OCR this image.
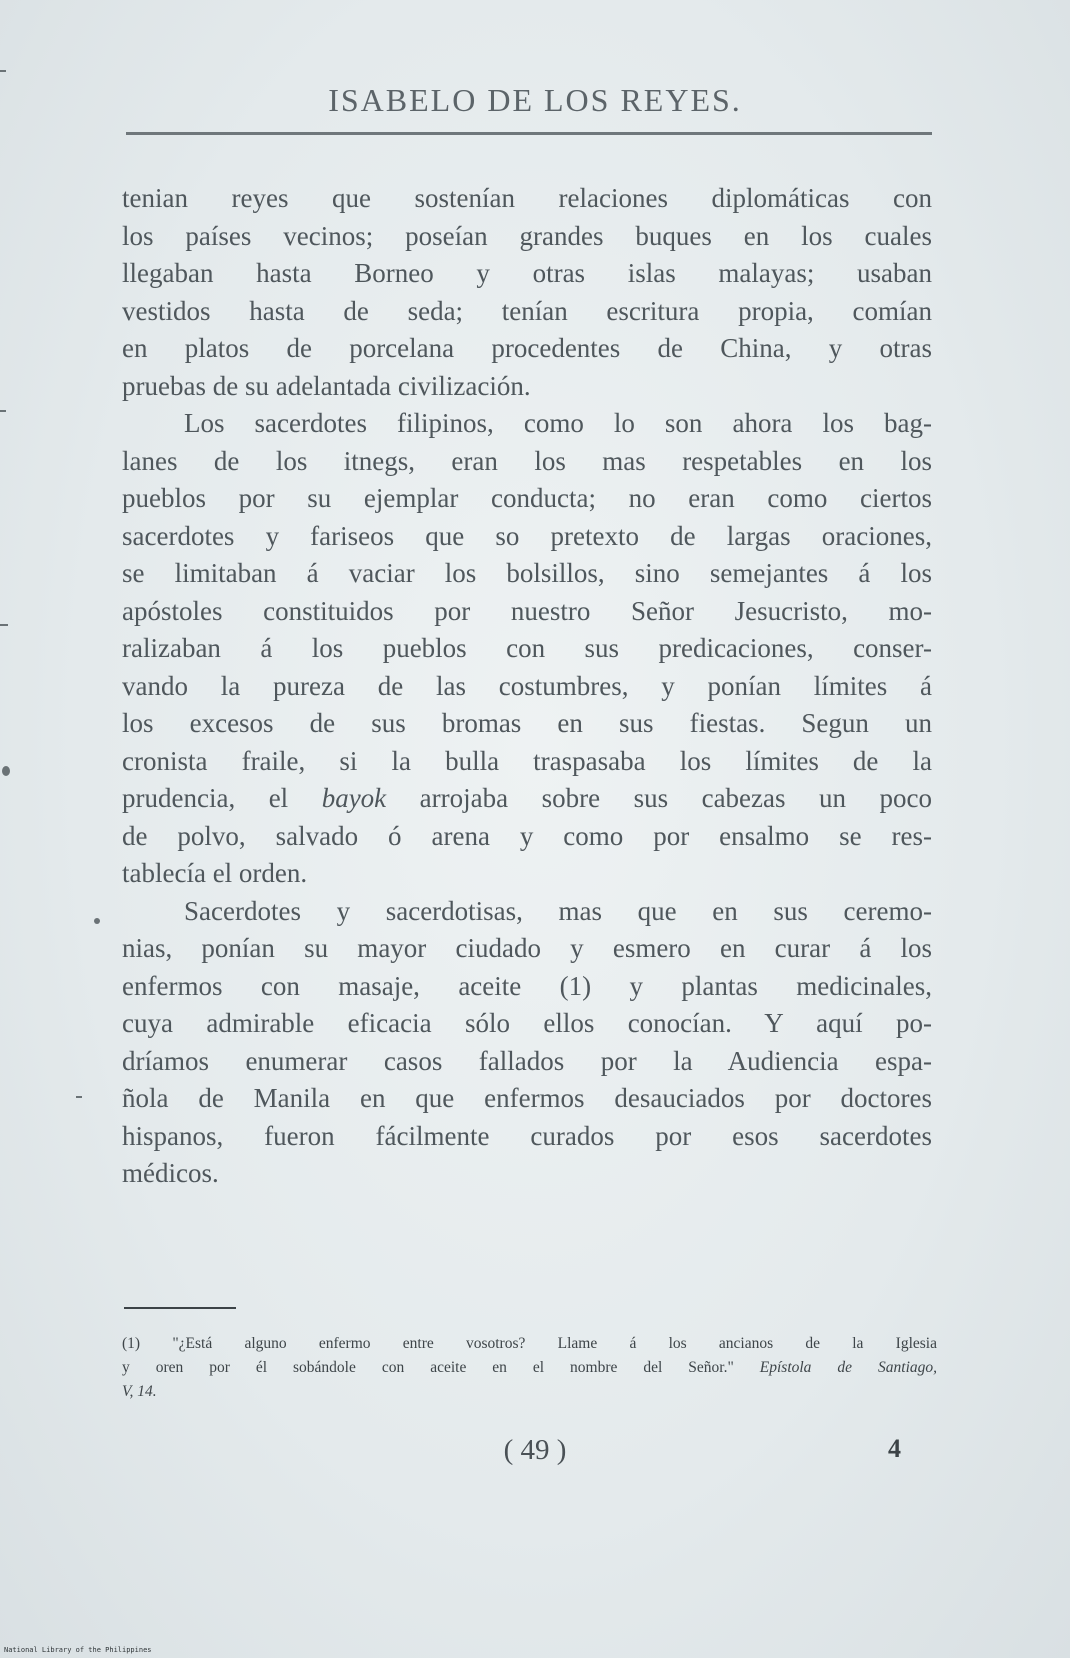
ISABELO DE LOS REYES.
tenian reyes que sostenían relaciones diplomáticas con
los países vecinos; poseían grandes buques en los cuales
llegaban hasta Borneo y otras islas malayas; usaban
vestidos hasta de seda; tenían escritura propia, comían
en platos de porcelana procedentes de China, y otras
pruebas de su adelantada civilización.
Los sacerdotes filipinos, como lo son ahora los bag-
lanes de los itnegs, eran los mas respetables en los
pueblos por su ejemplar conducta; no eran como ciertos
sacerdotes y fariseos que so pretexto de largas oraciones,
se limitaban á vaciar los bolsillos, sino semejantes á los
apóstoles constituidos por nuestro Señor Jesucristo, mo-
ralizaban á los pueblos con sus predicaciones, conser-
vando la pureza de las costumbres, y ponían límites á
los excesos de sus bromas en sus fiestas. Segun un
cronista fraile, si la bulla traspasaba los límites de la
prudencia, el bayok arrojaba sobre sus cabezas un poco
de polvo, salvado ó arena y como por ensalmo se res-
tablecía el orden.
Sacerdotes y sacerdotisas, mas que en sus ceremo-
nias, ponían su mayor ciudado y esmero en curar á los
enfermos con masaje, aceite (1) y plantas medicinales,
cuya admirable eficacia sólo ellos conocían. Y aquí po-
dríamos enumerar casos fallados por la Audiencia espa-
ñola de Manila en que enfermos desauciados por doctores
hispanos, fueron fácilmente curados por esos sacerdotes
médicos.
(1) "¿Está alguno enfermo entre vosotros? Llame á los ancianos de la Iglesia
y oren por él sobándole con aceite en el nombre del Señor." Epístola de Santiago,
V, 14.
( 49 )	4
National Library of the Philippines
